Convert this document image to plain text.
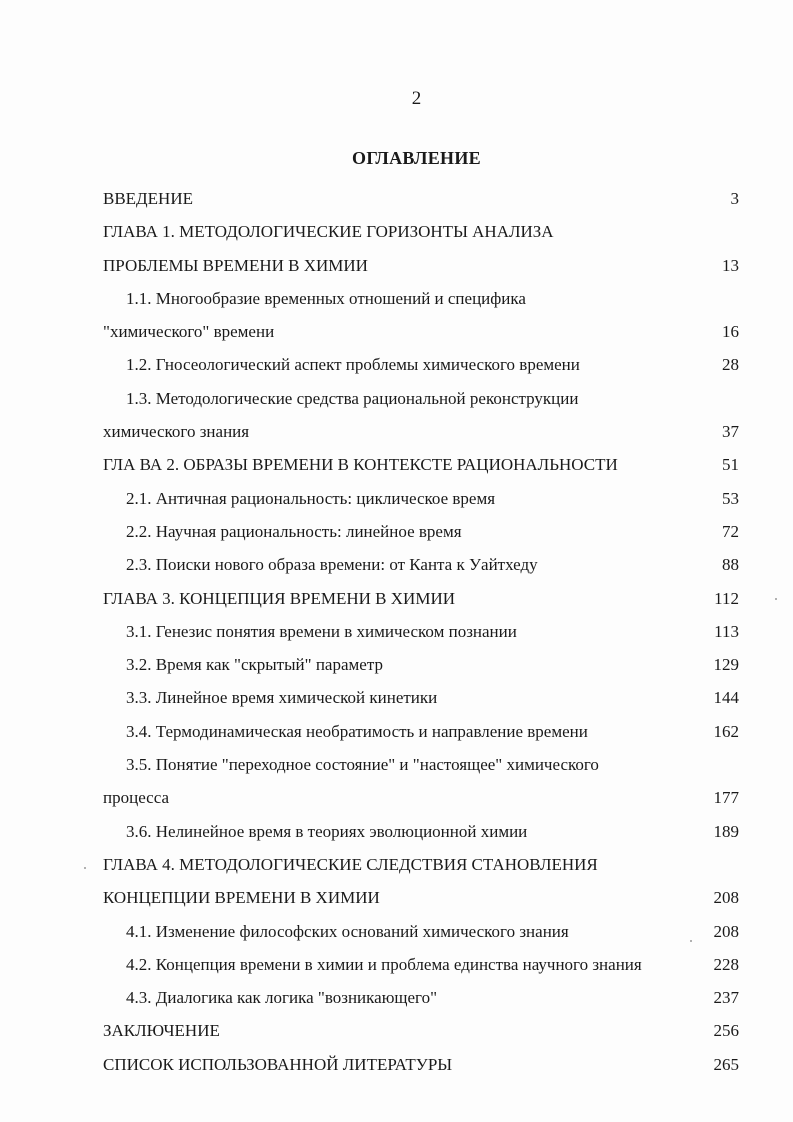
2
ОГЛАВЛЕНИЕ
ВВЕДЕНИЕ	3
ГЛАВА 1. МЕТОДОЛОГИЧЕСКИЕ ГОРИЗОНТЫ АНАЛИЗА
ПРОБЛЕМЫ ВРЕМЕНИ В ХИМИИ	13
1.1. Многообразие временных отношений и специфика
"химического" времени	16
1.2. Гносеологический аспект проблемы химического времени	28
1.3. Методологические средства рациональной реконструкции
химического знания	37
ГЛА ВА 2. ОБРАЗЫ ВРЕМЕНИ В КОНТЕКСТЕ РАЦИОНАЛЬНОСТИ	51
2.1. Античная рациональность: циклическое время	53
2.2. Научная рациональность: линейное время	72
2.3. Поиски нового образа времени: от Канта к Уайтхеду	88
ГЛАВА 3. КОНЦЕПЦИЯ ВРЕМЕНИ В ХИМИИ	112
3.1. Генезис понятия времени в химическом познании	113
3.2. Время как "скрытый" параметр	129
3.3. Линейное время химической кинетики	144
3.4. Термодинамическая необратимость и направление времени	162
3.5. Понятие "переходное состояние" и "настоящее" химического
процесса	177
3.6. Нелинейное время в теориях эволюционной химии	189
ГЛАВА 4. МЕТОДОЛОГИЧЕСКИЕ СЛЕДСТВИЯ СТАНОВЛЕНИЯ
КОНЦЕПЦИИ ВРЕМЕНИ В ХИМИИ	208
4.1. Изменение философских оснований химического знания	208
4.2. Концепция времени в химии и проблема единства научного знания	228
4.3. Диалогика как логика "возникающего"	237
ЗАКЛЮЧЕНИЕ	256
СПИСОК ИСПОЛЬЗОВАННОЙ ЛИТЕРАТУРЫ	265
